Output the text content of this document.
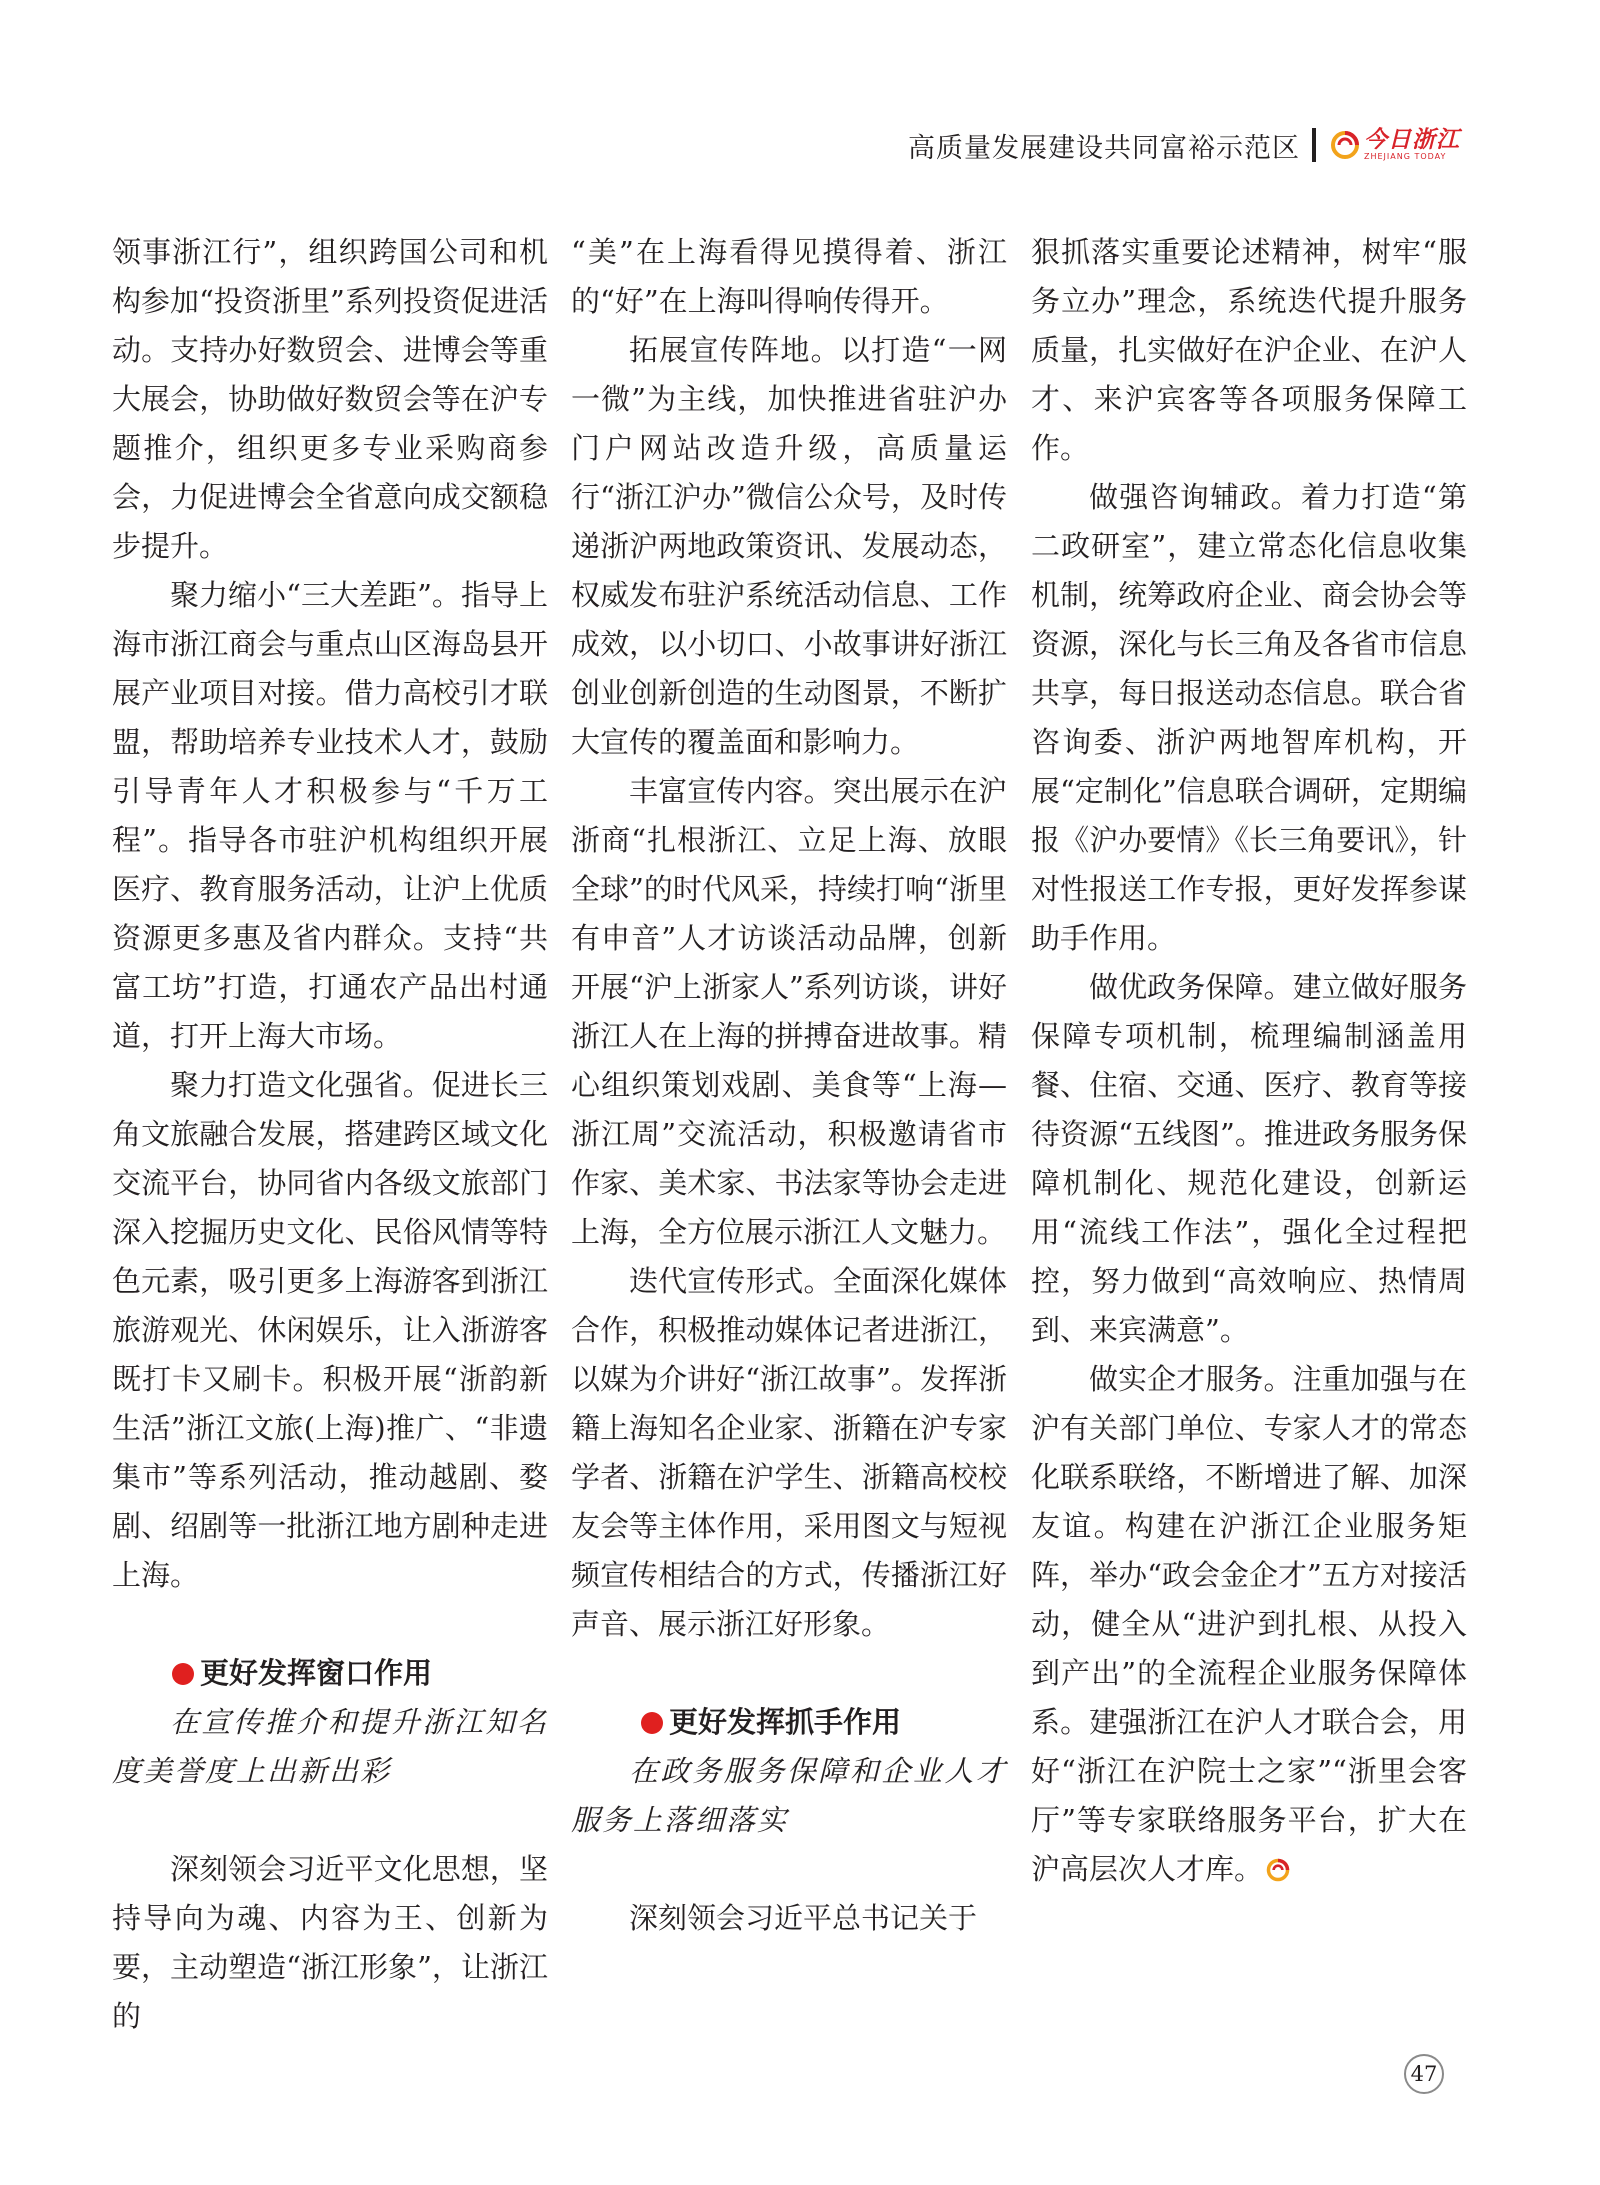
高质量发展建设共同富裕示范区	今日浙江
ZHEJIANG TODAY

领事浙江行”，组织跨国公司和机构参加“投资浙里”系列投资促进活动。支持办好数贸会、进博会等重大展会，协助做好数贸会等在沪专题推介，组织更多专业采购商参会，力促进博会全省意向成交额稳步提升。

聚力缩小“三大差距”。指导上海市浙江商会与重点山区海岛县开展产业项目对接。借力高校引才联盟，帮助培养专业技术人才，鼓励引导青年人才积极参与“千万工程”。指导各市驻沪机构组织开展医疗、教育服务活动，让沪上优质资源更多惠及省内群众。支持“共富工坊”打造，打通农产品出村通道，打开上海大市场。

聚力打造文化强省。促进长三角文旅融合发展，搭建跨区域文化交流平台，协同省内各级文旅部门深入挖掘历史文化、民俗风情等特色元素，吸引更多上海游客到浙江旅游观光、休闲娱乐，让入浙游客既打卡又刷卡。积极开展“浙韵新生活”浙江文旅(上海)推广、“非遗集市”等系列活动，推动越剧、婺剧、绍剧等一批浙江地方剧种走进上海。

更好发挥窗口作用

在宣传推介和提升浙江知名度美誉度上出新出彩

深刻领会习近平文化思想，坚持导向为魂、内容为王、创新为要，主动塑造“浙江形象”，让浙江的

“美”在上海看得见摸得着、浙江的“好”在上海叫得响传得开。

拓展宣传阵地。以打造“一网一微”为主线，加快推进省驻沪办门户网站改造升级，高质量运行“浙江沪办”微信公众号，及时传递浙沪两地政策资讯、发展动态，权威发布驻沪系统活动信息、工作成效，以小切口、小故事讲好浙江创业创新创造的生动图景，不断扩大宣传的覆盖面和影响力。

丰富宣传内容。突出展示在沪浙商“扎根浙江、立足上海、放眼全球”的时代风采，持续打响“浙里有申音”人才访谈活动品牌，创新开展“沪上浙家人”系列访谈，讲好浙江人在上海的拼搏奋进故事。精心组织策划戏剧、美食等“上海—浙江周”交流活动，积极邀请省市作家、美术家、书法家等协会走进上海，全方位展示浙江人文魅力。

迭代宣传形式。全面深化媒体合作，积极推动媒体记者进浙江，以媒为介讲好“浙江故事”。发挥浙籍上海知名企业家、浙籍在沪专家学者、浙籍在沪学生、浙籍高校校友会等主体作用，采用图文与短视频宣传相结合的方式，传播浙江好声音、展示浙江好形象。

更好发挥抓手作用

在政务服务保障和企业人才服务上落细落实

深刻领会习近平总书记关于

狠抓落实重要论述精神，树牢“服务立办”理念，系统迭代提升服务质量，扎实做好在沪企业、在沪人才、来沪宾客等各项服务保障工作。

做强咨询辅政。着力打造“第二政研室”，建立常态化信息收集机制，统筹政府企业、商会协会等资源，深化与长三角及各省市信息共享，每日报送动态信息。联合省咨询委、浙沪两地智库机构，开展“定制化”信息联合调研，定期编报《沪办要情》《长三角要讯》，针对性报送工作专报，更好发挥参谋助手作用。

做优政务保障。建立做好服务保障专项机制，梳理编制涵盖用餐、住宿、交通、医疗、教育等接待资源“五线图”。推进政务服务保障机制化、规范化建设，创新运用“流线工作法”，强化全过程把控，努力做到“高效响应、热情周到、来宾满意”。

做实企才服务。注重加强与在沪有关部门单位、专家人才的常态化联系联络，不断增进了解、加深友谊。构建在沪浙江企业服务矩阵，举办“政会金企才”五方对接活动，健全从“进沪到扎根、从投入到产出”的全流程企业服务保障体系。建强浙江在沪人才联合会，用好“浙江在沪院士之家”“浙里会客厅”等专家联络服务平台，扩大在沪高层次人才库。

47
